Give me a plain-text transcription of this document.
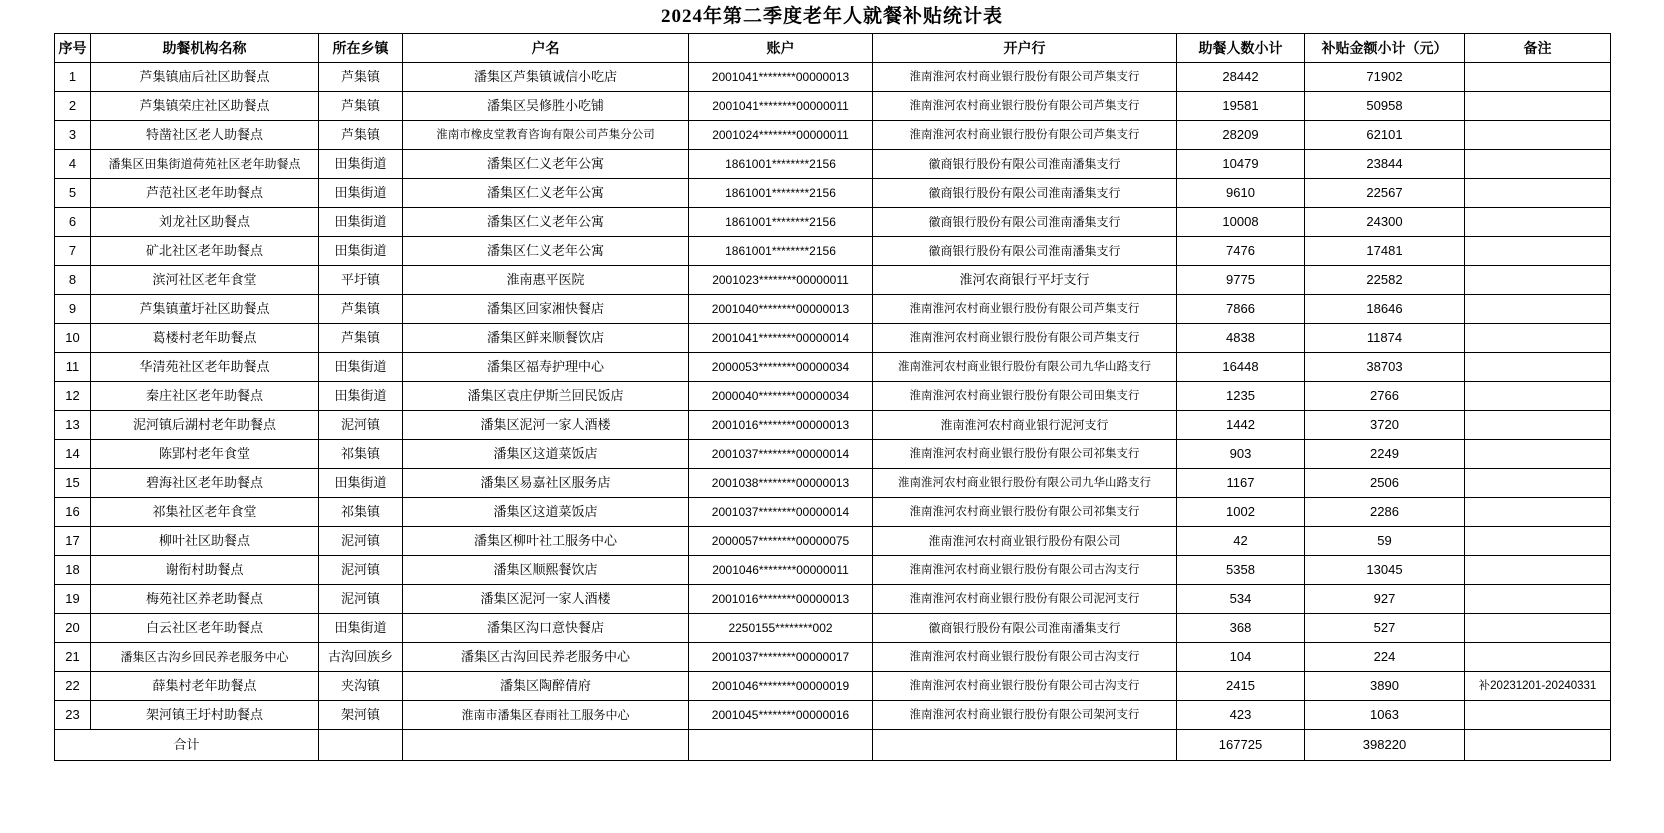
2024年第二季度老年人就餐补贴统计表
序号	助餐机构名称	所在乡镇	户名	账户	开户行	助餐人数小计	补贴金额小计（元）	备注
1	芦集镇庙后社区助餐点	芦集镇	潘集区芦集镇诚信小吃店	2001041********00000013	淮南淮河农村商业银行股份有限公司芦集支行	28442	71902	
2	芦集镇荣庄社区助餐点	芦集镇	潘集区吴修胜小吃铺	2001041********00000011	淮南淮河农村商业银行股份有限公司芦集支行	19581	50958	
3	特凿社区老人助餐点	芦集镇	淮南市橡皮堂教育咨询有限公司芦集分公司	2001024********00000011	淮南淮河农村商业银行股份有限公司芦集支行	28209	62101	
4	潘集区田集街道荷苑社区老年助餐点	田集街道	潘集区仁义老年公寓	1861001********2156	徽商银行股份有限公司淮南潘集支行	10479	23844	
5	芦范社区老年助餐点	田集街道	潘集区仁义老年公寓	1861001********2156	徽商银行股份有限公司淮南潘集支行	9610	22567	
6	刘龙社区助餐点	田集街道	潘集区仁义老年公寓	1861001********2156	徽商银行股份有限公司淮南潘集支行	10008	24300	
7	矿北社区老年助餐点	田集街道	潘集区仁义老年公寓	1861001********2156	徽商银行股份有限公司淮南潘集支行	7476	17481	
8	滨河社区老年食堂	平圩镇	淮南惠平医院	2001023********00000011	淮河农商银行平圩支行	9775	22582	
9	芦集镇董圩社区助餐点	芦集镇	潘集区回家湘快餐店	2001040********00000013	淮南淮河农村商业银行股份有限公司芦集支行	7866	18646	
10	葛楼村老年助餐点	芦集镇	潘集区鲜来顺餐饮店	2001041********00000014	淮南淮河农村商业银行股份有限公司芦集支行	4838	11874	
11	华清苑社区老年助餐点	田集街道	潘集区福寿护理中心	2000053********00000034	淮南淮河农村商业银行股份有限公司九华山路支行	16448	38703	
12	秦庄社区老年助餐点	田集街道	潘集区袁庄伊斯兰回民饭店	2000040********00000034	淮南淮河农村商业银行股份有限公司田集支行	1235	2766	
13	泥河镇后湖村老年助餐点	泥河镇	潘集区泥河一家人酒楼	2001016********00000013	淮南淮河农村商业银行泥河支行	1442	3720	
14	陈郢村老年食堂	祁集镇	潘集区这道菜饭店	2001037********00000014	淮南淮河农村商业银行股份有限公司祁集支行	903	2249	
15	碧海社区老年助餐点	田集街道	潘集区易嘉社区服务店	2001038********00000013	淮南淮河农村商业银行股份有限公司九华山路支行	1167	2506	
16	祁集社区老年食堂	祁集镇	潘集区这道菜饭店	2001037********00000014	淮南淮河农村商业银行股份有限公司祁集支行	1002	2286	
17	柳叶社区助餐点	泥河镇	潘集区柳叶社工服务中心	2000057********00000075	淮南淮河农村商业银行股份有限公司	42	59	
18	谢衔村助餐点	泥河镇	潘集区顺熙餐饮店	2001046********00000011	淮南淮河农村商业银行股份有限公司古沟支行	5358	13045	
19	梅苑社区养老助餐点	泥河镇	潘集区泥河一家人酒楼	2001016********00000013	淮南淮河农村商业银行股份有限公司泥河支行	534	927	
20	白云社区老年助餐点	田集街道	潘集区沟口意快餐店	2250155********002	徽商银行股份有限公司淮南潘集支行	368	527	
21	潘集区古沟乡回民养老服务中心	古沟回族乡	潘集区古沟回民养老服务中心	2001037********00000017	淮南淮河农村商业银行股份有限公司古沟支行	104	224	
22	薛集村老年助餐点	夹沟镇	潘集区陶醉倩府	2001046********00000019	淮南淮河农村商业银行股份有限公司古沟支行	2415	3890	补20231201-20240331
23	架河镇王圩村助餐点	架河镇	淮南市潘集区春雨社工服务中心	2001045********00000016	淮南淮河农村商业银行股份有限公司架河支行	423	1063	
合计						167725	398220	
